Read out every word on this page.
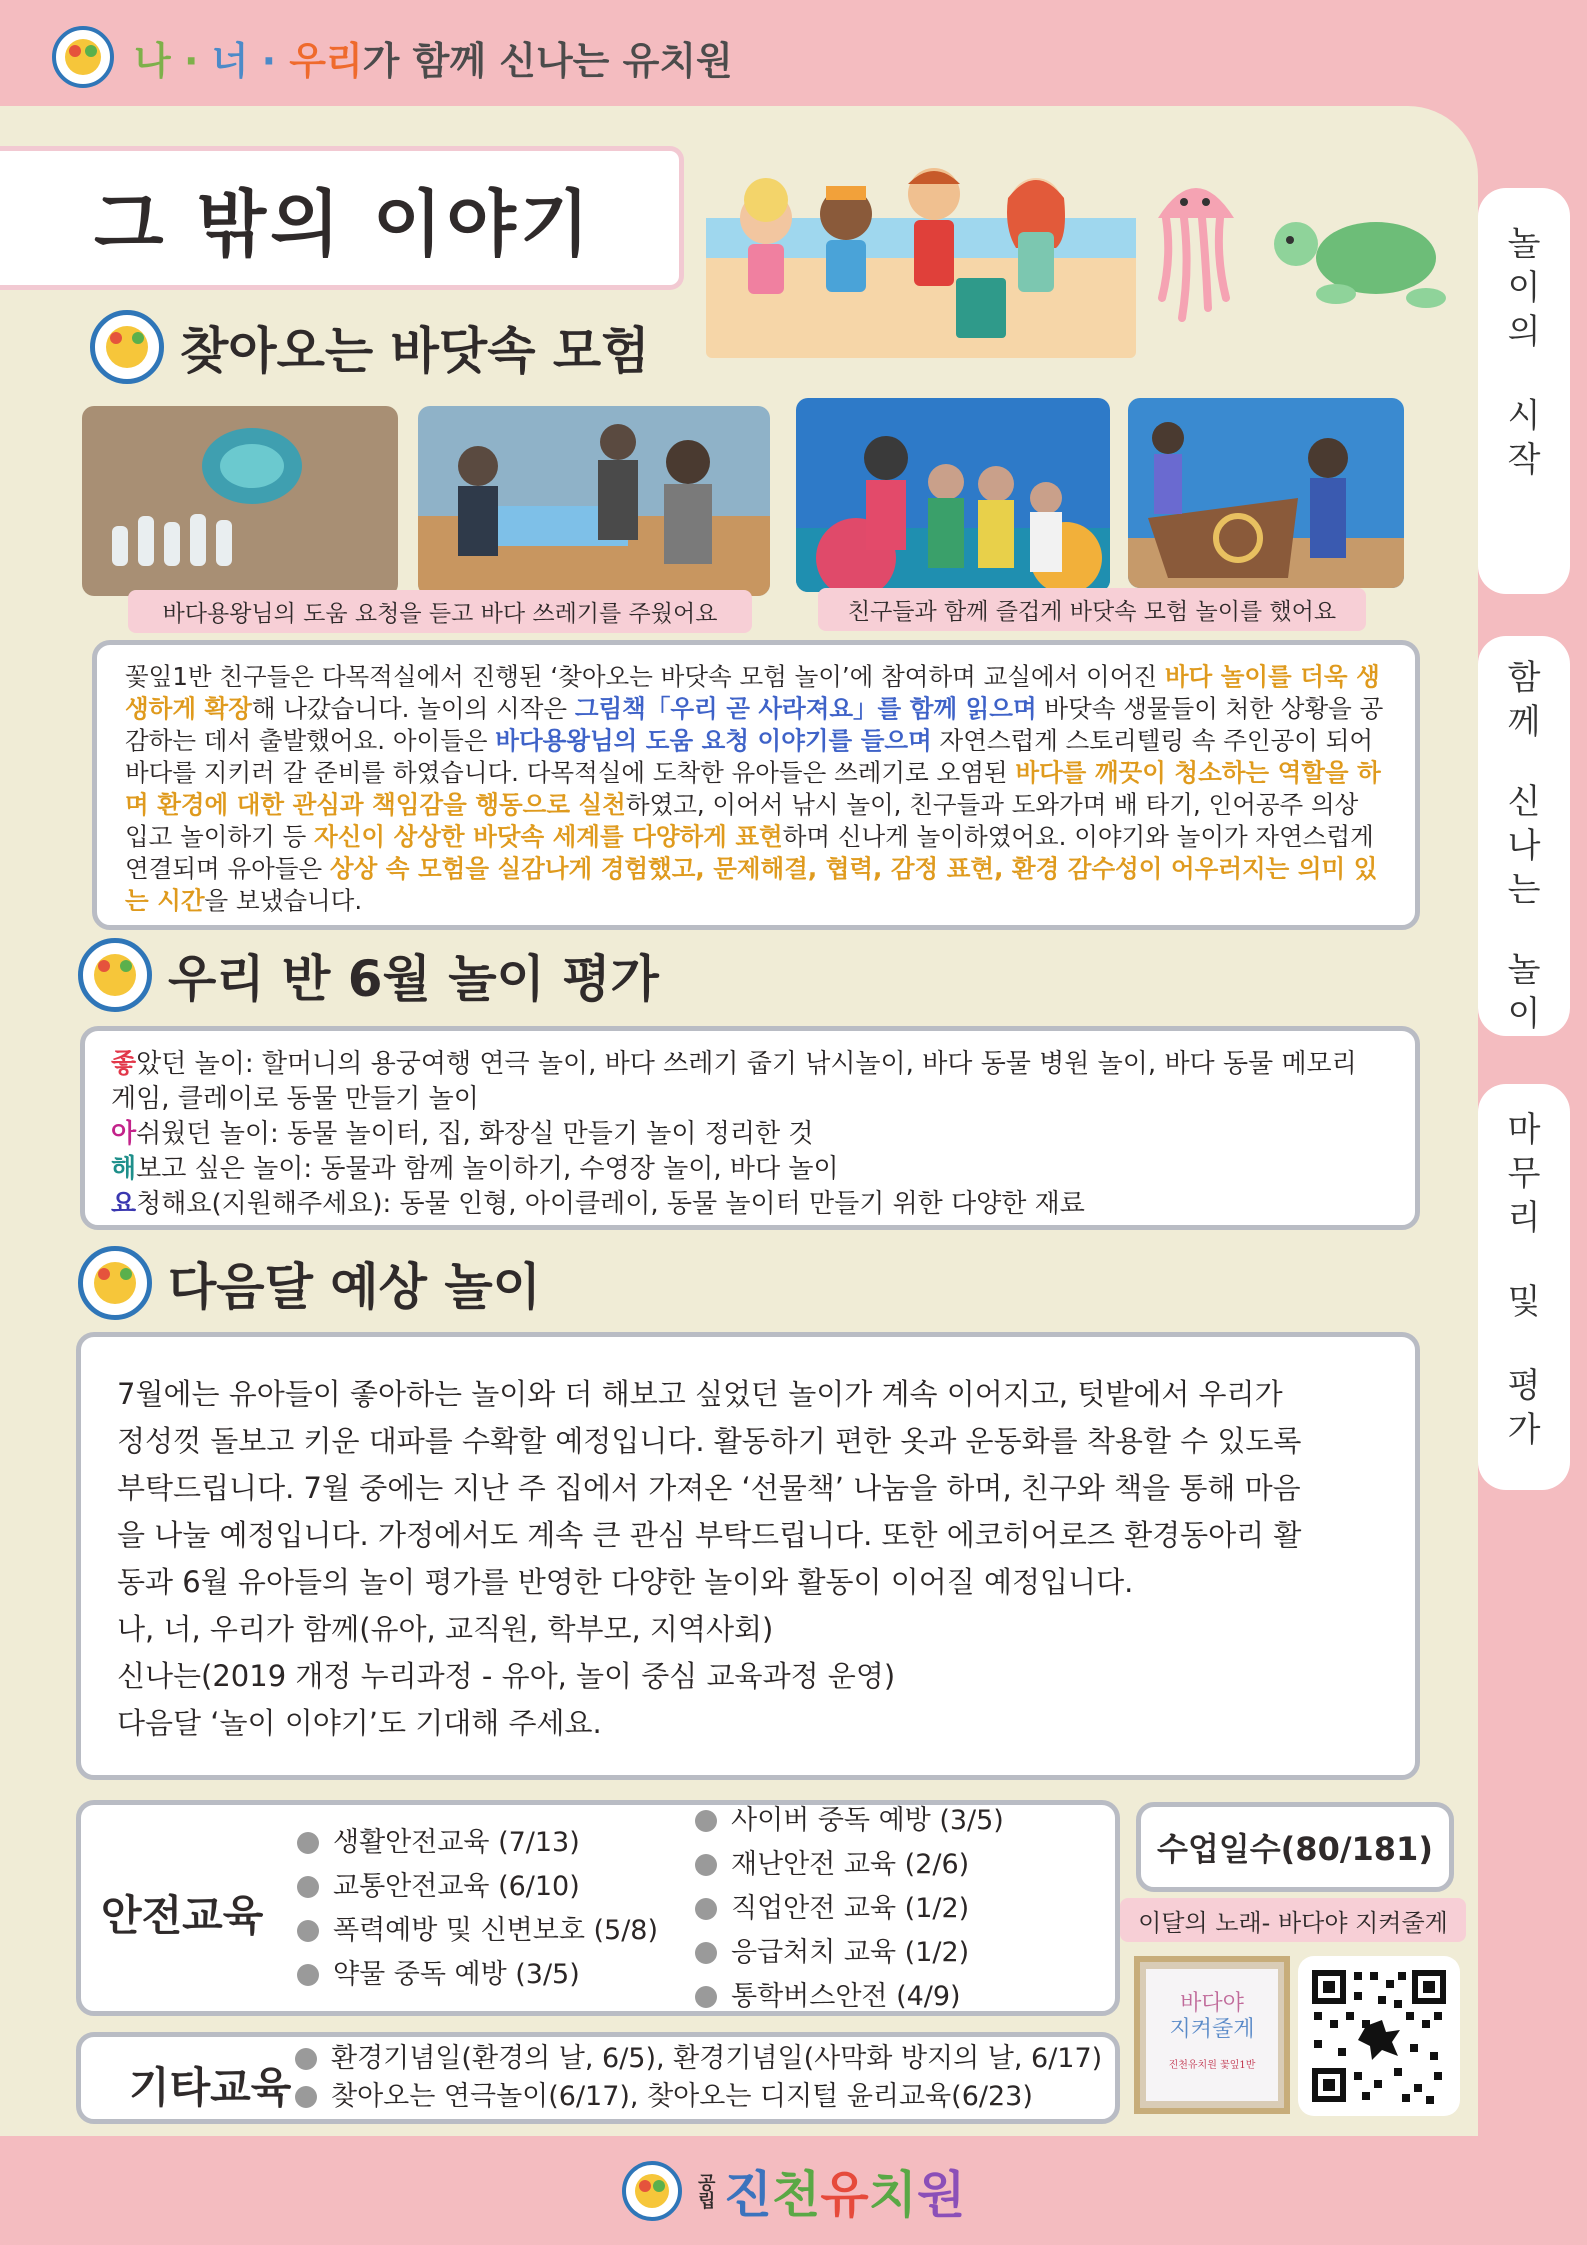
나 · 너 · 우리가 함께 신나는 유치원
그 밖의 이야기
찾아오는 바닷속 모험
바다용왕님의 도움 요청을 듣고 바다 쓰레기를 주웠어요	친구들과 함께 즐겁게 바닷속 모험 놀이를 했어요
꽃잎1반 친구들은 다목적실에서 진행된 ‘찾아오는 바닷속 모험 놀이’에 참여하며 교실에서 이어진 바다 놀이를 더욱 생생하게 확장해 나갔습니다. 놀이의 시작은 그림책「우리 곧 사라져요」를 함께 읽으며 바닷속 생물들이 처한 상황을 공감하는 데서 출발했어요. 아이들은 바다용왕님의 도움 요청 이야기를 들으며 자연스럽게 스토리텔링 속 주인공이 되어 바다를 지키러 갈 준비를 하였습니다. 다목적실에 도착한 유아들은 쓰레기로 오염된 바다를 깨끗이 청소하는 역할을 하며 환경에 대한 관심과 책임감을 행동으로 실천하였고, 이어서 낚시 놀이, 친구들과 도와가며 배 타기, 인어공주 의상 입고 놀이하기 등 자신이 상상한 바닷속 세계를 다양하게 표현하며 신나게 놀이하였어요. 이야기와 놀이가 자연스럽게 연결되며 유아들은 상상 속 모험을 실감나게 경험했고, 문제해결, 협력, 감정 표현, 환경 감수성이 어우러지는 의미 있는 시간을 보냈습니다.
우리 반 6월 놀이 평가
좋았던 놀이: 할머니의 용궁여행 연극 놀이, 바다 쓰레기 줍기 낚시놀이, 바다 동물 병원 놀이, 바다 동물 메모리 게임, 클레이로 동물 만들기 놀이
아쉬웠던 놀이: 동물 놀이터, 집, 화장실 만들기 놀이 정리한 것
해보고 싶은 놀이: 동물과 함께 놀이하기, 수영장 놀이, 바다 놀이
요청해요(지원해주세요): 동물 인형, 아이클레이, 동물 놀이터 만들기 위한 다양한 재료
다음달 예상 놀이
7월에는 유아들이 좋아하는 놀이와 더 해보고 싶었던 놀이가 계속 이어지고, 텃밭에서 우리가
정성껏 돌보고 키운 대파를 수확할 예정입니다. 활동하기 편한 옷과 운동화를 착용할 수 있도록
부탁드립니다. 7월 중에는 지난 주 집에서 가져온 ‘선물책’ 나눔을 하며, 친구와 책을 통해 마음
을 나눌 예정입니다. 가정에서도 계속 큰 관심 부탁드립니다. 또한 에코히어로즈 환경동아리 활
동과 6월 유아들의 놀이 평가를 반영한 다양한 놀이와 활동이 이어질 예정입니다.
나, 너, 우리가 함께(유아, 교직원, 학부모, 지역사회)
신나는(2019 개정 누리과정 - 유아, 놀이 중심 교육과정 운영)
다음달 ‘놀이 이야기’도 기대해 주세요.
안전교육
생활안전교육 (7/13)
교통안전교육 (6/10)
폭력예방 및 신변보호 (5/8)
약물 중독 예방 (3/5)
사이버 중독 예방 (3/5)
재난안전 교육 (2/6)
직업안전 교육 (1/2)
응급처치 교육 (1/2)
통학버스안전 (4/9)
기타교육
환경기념일(환경의 날, 6/5), 환경기념일(사막화 방지의 날, 6/17)
찾아오는 연극놀이(6/17), 찾아오는 디지털 윤리교육(6/23)
수업일수(80/181)
이달의 노래- 바다야 지켜줄게
바다야
지켜줄게
진천유치원 꽃잎1반
놀
이
의
시
작
함
께
신
나
는
놀
이
마
무
리
및
평
가
공립 진천유치원
